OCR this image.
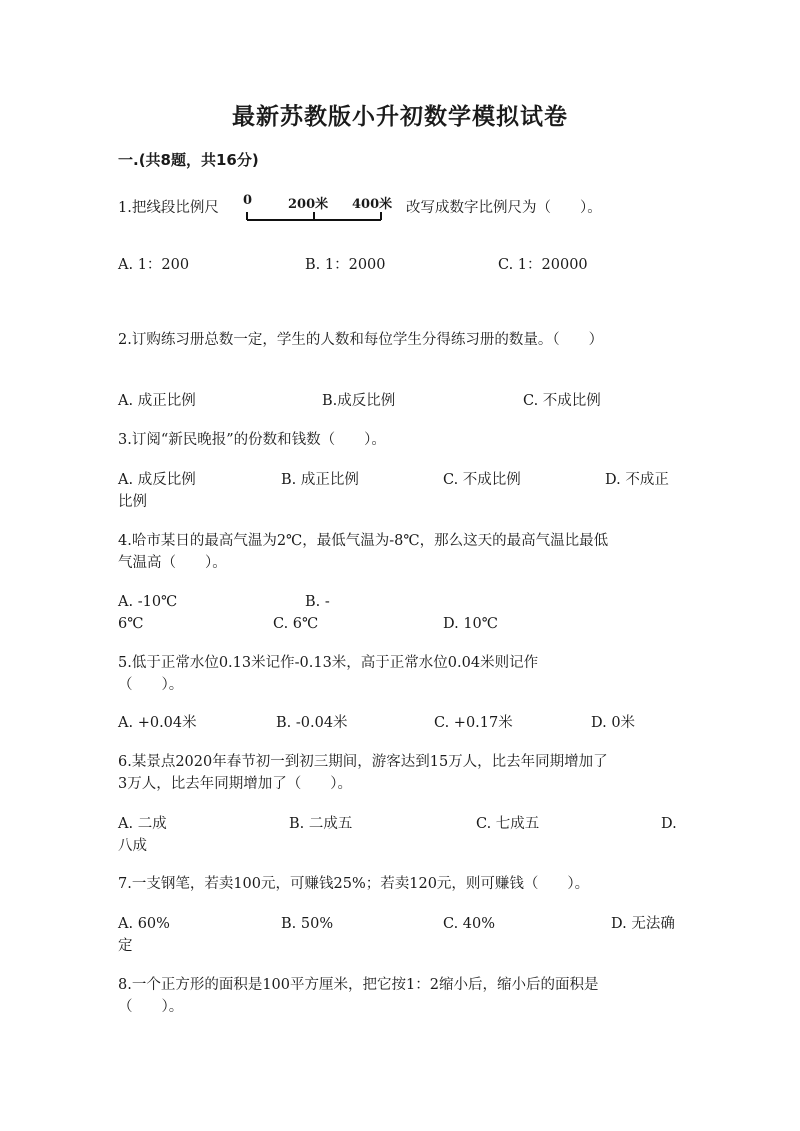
最新苏教版小升初数学模拟试卷
一.(共8题，共16分)
1.把线段比例尺 0	200米 400米 改写成数字比例尺为（　　）。
A. 1：200	B. 1：2000	C. 1：20000
2.订购练习册总数一定，学生的人数和每位学生分得练习册的数量。（　　）
A. 成正比例	B.成反比例	C. 不成比例
3.订阅“新民晚报”的份数和钱数（　　）。
A. 成反比例	B. 成正比例	C. 不成比例	D. 不成正
比例
4.哈市某日的最高气温为2℃，最低气温为-8℃，那么这天的最高气温比最低
气温高（　　）。
A. -10℃	B. -
6℃	C. 6℃	D. 10℃
5.低于正常水位0.13米记作-0.13米，高于正常水位0.04米则记作
（　　）。
A. +0.04米	B. -0.04米	C. +0.17米	D. 0米
6.某景点2020年春节初一到初三期间，游客达到15万人，比去年同期增加了
3万人，比去年同期增加了（　　）。
A. 二成	B. 二成五	C. 七成五	D.
八成
7.一支钢笔，若卖100元，可赚钱25%；若卖120元，则可赚钱（　　）。
A. 60%	B. 50%	C. 40%	D. 无法确
定
8.一个正方形的面积是100平方厘米，把它按1：2缩小后，缩小后的面积是
（　　）。
